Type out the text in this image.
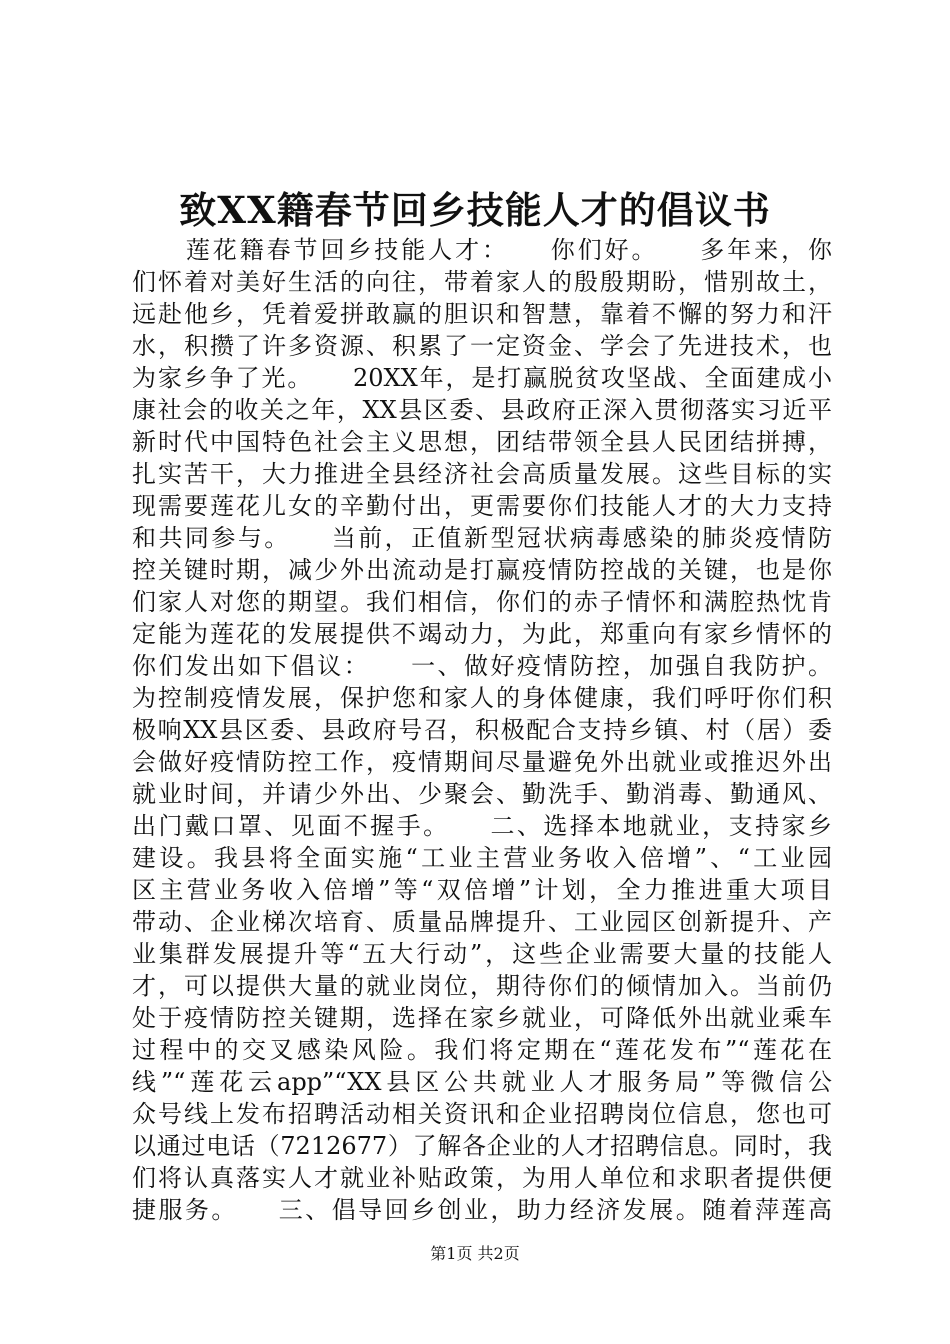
致XX籍春节回乡技能人才的倡议书
　　莲花籍春节回乡技能人才：　　你们好。　　多年来，你
们怀着对美好生活的向往，带着家人的殷殷期盼，惜别故土，
远赴他乡，凭着爱拼敢赢的胆识和智慧，靠着不懈的努力和汗
水，积攒了许多资源、积累了一定资金、学会了先进技术，也
为家乡争了光。　　20XX年，是打赢脱贫攻坚战、全面建成小
康社会的收关之年，XX县区委、县政府正深入贯彻落实习近平
新时代中国特色社会主义思想，团结带领全县人民团结拼搏，
扎实苦干，大力推进全县经济社会高质量发展。这些目标的实
现需要莲花儿女的辛勤付出，更需要你们技能人才的大力支持
和共同参与。　　当前，正值新型冠状病毒感染的肺炎疫情防
控关键时期，减少外出流动是打赢疫情防控战的关键，也是你
们家人对您的期望。我们相信，你们的赤子情怀和满腔热忱肯
定能为莲花的发展提供不竭动力，为此，郑重向有家乡情怀的
你们发出如下倡议：　　一、做好疫情防控，加强自我防护。
为控制疫情发展，保护您和家人的身体健康，我们呼吁你们积
极响XX县区委、县政府号召，积极配合支持乡镇、村（居）委
会做好疫情防控工作，疫情期间尽量避免外出就业或推迟外出
就业时间，并请少外出、少聚会、勤洗手、勤消毒、勤通风、
出门戴口罩、见面不握手。　　二、选择本地就业，支持家乡
建设。我县将全面实施“工业主营业务收入倍增”、“工业园
区主营业务收入倍增”等“双倍增”计划，全力推进重大项目
带动、企业梯次培育、质量品牌提升、工业园区创新提升、产
业集群发展提升等“五大行动”，这些企业需要大量的技能人
才，可以提供大量的就业岗位，期待你们的倾情加入。当前仍
处于疫情防控关键期，选择在家乡就业，可降低外出就业乘车
过程中的交叉感染风险。我们将定期在“莲花发布”“莲花在
线”“莲花云app”“XX县区公共就业人才服务局”等微信公
众号线上发布招聘活动相关资讯和企业招聘岗位信息，您也可
以通过电话（7212677）了解各企业的人才招聘信息。同时，我
们将认真落实人才就业补贴政策，为用人单位和求职者提供便
捷服务。　　三、倡导回乡创业，助力经济发展。随着萍莲高
第1页 共2页
